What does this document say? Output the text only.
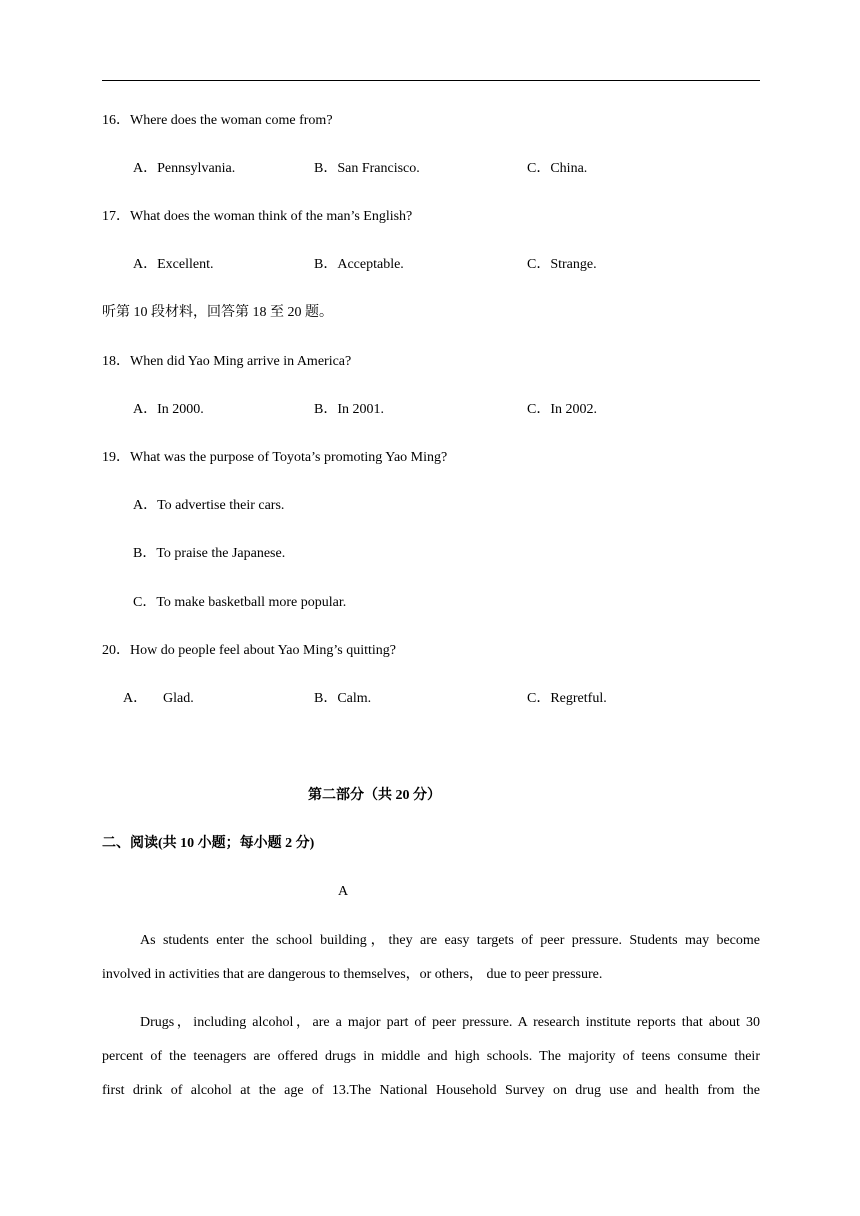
16．Where does the woman come from?
A．Pennsylvania.	B．San Francisco.	C．China.
17．What does the woman think of the man’s English?
A．Excellent.	B．Acceptable.	C．Strange.
听第 10 段材料，回答第 18 至 20 题。
18．When did Yao Ming arrive in America?
A．In 2000.	B．In 2001.	C．In 2002.
19．What was the purpose of Toyota’s promoting Yao Ming?
A．To advertise their cars.
B．To praise the Japanese.
C．To make basketball more popular.
20．How do people feel about Yao Ming’s quitting?
A． Glad.	B．Calm.	C．Regretful.
第二部分（共 20 分）
二、阅读(共 10 小题；每小题 2 分)
A
As students enter the school building，they are easy targets of peer pressure. Students may become
involved in activities that are dangerous to themselves，or others， due to peer pressure.
Drugs，including alcohol，are a major part of peer pressure. A research institute reports that about 30
percent of the teenagers are offered drugs in middle and high schools. The majority of teens consume their
first drink of alcohol at the age of 13.The National Household Survey on drug use and health from the
